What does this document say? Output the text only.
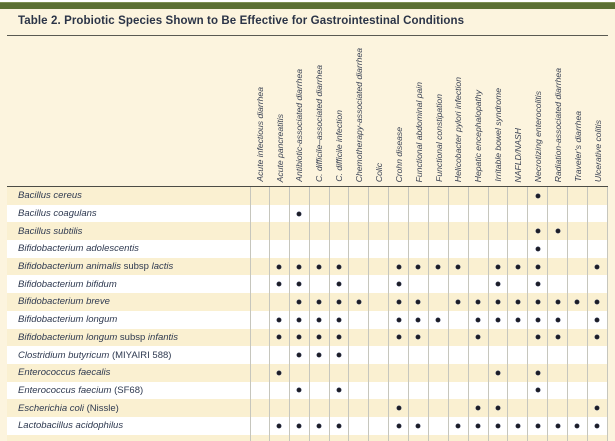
Table 2. Probiotic Species Shown to Be Effective for Gastrointestinal Conditions
Acute infectious diarrhea Acute pancreatitis Antibiotic-associated diarrhea C. difficile–associated diarrhea C. difficile infection Chemotherapy-associated diarrhea Colic Crohn disease Functional abdominal pain Functional constipation Helicobacter pylori infection Hepatic encephalopathy Irritable bowel syndrome NAFLD/NASH Necrotizing enterocolitis Radiation-associated diarrhea Traveler's diarrhea Ulcerative colitis
Bacillus cereus
Bacillus coagulans
Bacillus subtilis
Bifidobacterium adolescentis
Bifidobacterium animalis subsp lactis
Bifidobacterium bifidum
Bifidobacterium breve
Bifidobacterium longum
Bifidobacterium longum subsp infantis
Clostridium butyricum (MIYAIRI 588)
Enterococcus faecalis
Enterococcus faecium (SF68)
Escherichia coli (Nissle)
Lactobacillus acidophilus
